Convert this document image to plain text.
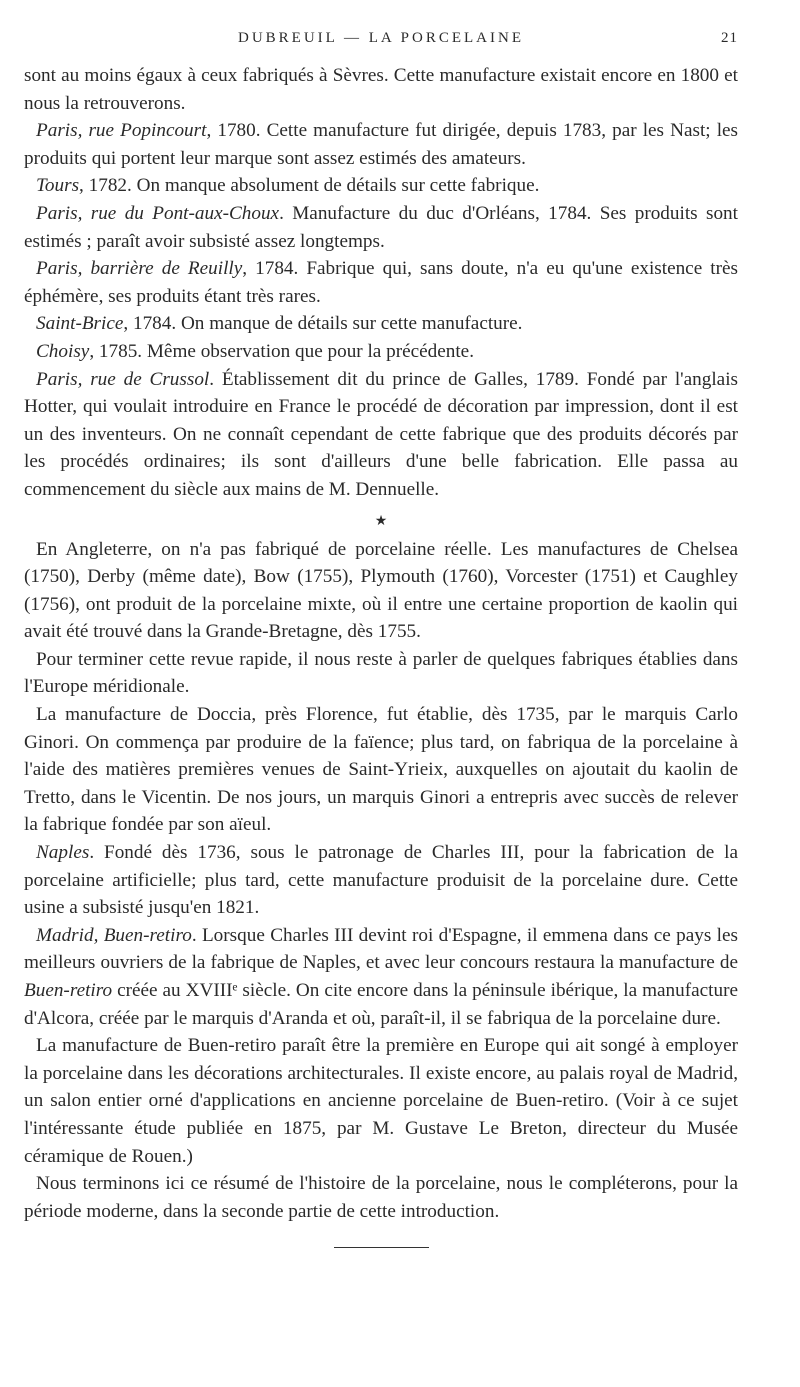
DUBREUIL — LA PORCELAINE	21

sont au moins égaux à ceux fabriqués à Sèvres. Cette manufacture existait encore en 1800 et nous la retrouverons.

Paris, rue Popincourt, 1780. Cette manufacture fut dirigée, depuis 1783, par les Nast; les produits qui portent leur marque sont assez estimés des amateurs.

Tours, 1782. On manque absolument de détails sur cette fabrique.

Paris, rue du Pont-aux-Choux. Manufacture du duc d'Orléans, 1784. Ses produits sont estimés ; paraît avoir subsisté assez longtemps.

Paris, barrière de Reuilly, 1784. Fabrique qui, sans doute, n'a eu qu'une existence très éphémère, ses produits étant très rares.

Saint-Brice, 1784. On manque de détails sur cette manufacture.

Choisy, 1785. Même observation que pour la précédente.

Paris, rue de Crussol. Établissement dit du prince de Galles, 1789. Fondé par l'anglais Hotter, qui voulait introduire en France le procédé de décoration par impression, dont il est un des inventeurs. On ne connaît cependant de cette fabrique que des produits décorés par les procédés ordinaires; ils sont d'ailleurs d'une belle fabrication. Elle passa au commencement du siècle aux mains de M. Dennuelle.

★

En Angleterre, on n'a pas fabriqué de porcelaine réelle. Les manufactures de Chelsea (1750), Derby (même date), Bow (1755), Plymouth (1760), Vorcester (1751) et Caughley (1756), ont produit de la porcelaine mixte, où il entre une certaine proportion de kaolin qui avait été trouvé dans la Grande-Bretagne, dès 1755.

Pour terminer cette revue rapide, il nous reste à parler de quelques fabriques établies dans l'Europe méridionale.

La manufacture de Doccia, près Florence, fut établie, dès 1735, par le marquis Carlo Ginori. On commença par produire de la faïence; plus tard, on fabriqua de la porcelaine à l'aide des matières premières venues de Saint-Yrieix, auxquelles on ajoutait du kaolin de Tretto, dans le Vicentin. De nos jours, un marquis Ginori a entrepris avec succès de relever la fabrique fondée par son aïeul.

Naples. Fondé dès 1736, sous le patronage de Charles III, pour la fabrication de la porcelaine artificielle; plus tard, cette manufacture produisit de la porcelaine dure. Cette usine a subsisté jusqu'en 1821.

Madrid, Buen-retiro. Lorsque Charles III devint roi d'Espagne, il emmena dans ce pays les meilleurs ouvriers de la fabrique de Naples, et avec leur concours restaura la manufacture de Buen-retiro créée au XVIIIᵉ siècle. On cite encore dans la péninsule ibérique, la manufacture d'Alcora, créée par le marquis d'Aranda et où, paraît-il, il se fabriqua de la porcelaine dure.

La manufacture de Buen-retiro paraît être la première en Europe qui ait songé à employer la porcelaine dans les décorations architecturales. Il existe encore, au palais royal de Madrid, un salon entier orné d'applications en ancienne porcelaine de Buen-retiro. (Voir à ce sujet l'intéressante étude publiée en 1875, par M. Gustave Le Breton, directeur du Musée céramique de Rouen.)

Nous terminons ici ce résumé de l'histoire de la porcelaine, nous le compléterons, pour la période moderne, dans la seconde partie de cette introduction.
